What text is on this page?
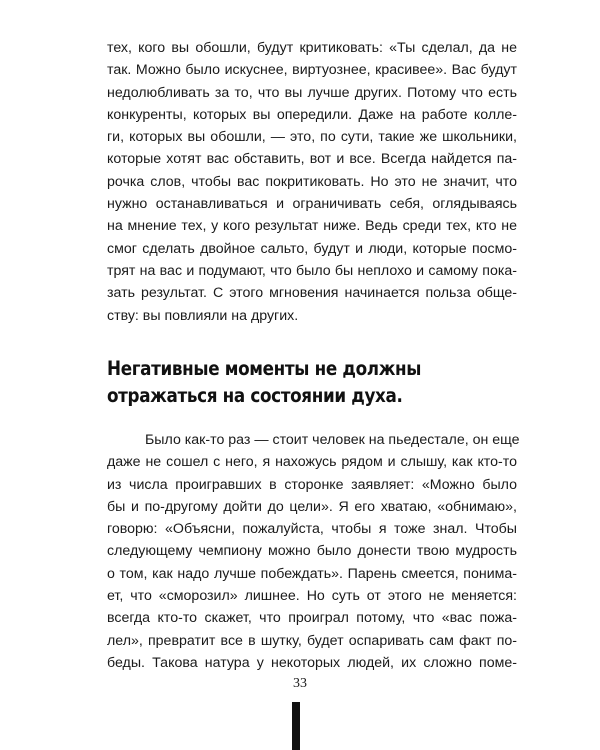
тех, кого вы обошли, будут критиковать: «Ты сделал, да не
так. Можно было искуснее, виртуознее, красивее». Вас будут
недолюбливать за то, что вы лучше других. Потому что есть
конкуренты, которых вы опередили. Даже на работе колле-
ги, которых вы обошли, — это, по сути, такие же школьники,
которые хотят вас обставить, вот и все. Всегда найдется па-
рочка слов, чтобы вас покритиковать. Но это не значит, что
нужно останавливаться и ограничивать себя, оглядываясь
на мнение тех, у кого результат ниже. Ведь среди тех, кто не
смог сделать двойное сальто, будут и люди, которые посмо-
трят на вас и подумают, что было бы неплохо и самому пока-
зать результат. С этого мгновения начинается польза обще-
ству: вы повлияли на других.
Негативные моменты не должны
отражаться на состоянии духа.
Было как-то раз — стоит человек на пьедестале, он еще
даже не сошел с него, я нахожусь рядом и слышу, как кто-то
из числа проигравших в сторонке заявляет: «Можно было
бы и по-другому дойти до цели». Я его хватаю, «обнимаю»,
говорю: «Объясни, пожалуйста, чтобы я тоже знал. Чтобы
следующему чемпиону можно было донести твою мудрость
о том, как надо лучше побеждать». Парень смеется, понима-
ет, что «сморозил» лишнее. Но суть от этого не меняется:
всегда кто-то скажет, что проиграл потому, что «вас пожа-
лел», превратит все в шутку, будет оспаривать сам факт по-
беды. Такова натура у некоторых людей, их сложно поме-
33
